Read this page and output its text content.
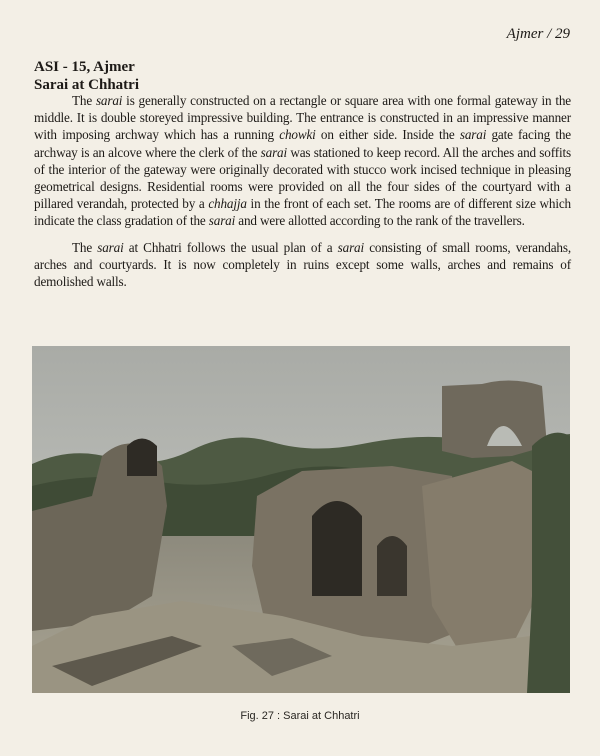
Ajmer / 29
ASI - 15, Ajmer
Sarai at Chhatri

The sarai is generally constructed on a rectangle or square area with one formal gateway in the middle. It is double storeyed impressive building. The entrance is constructed in an impressive manner with imposing archway which has a running chowki on either side. Inside the sarai gate facing the archway is an alcove where the clerk of the sarai was stationed to keep record. All the arches and soffits of the interior of the gateway were originally decorated with stucco work incised technique in pleasing geometrical designs. Residential rooms were provided on all the four sides of the courtyard with a pillared verandah, protected by a chhajja in the front of each set. The rooms are of different size which indicate the class gradation of the sarai and were allotted according to the rank of the travellers.

The sarai at Chhatri follows the usual plan of a sarai consisting of small rooms, verandahs, arches and courtyards. It is now completely in ruins except some walls, arches and remains of demolished walls.

Fig. 27 : Sarai at Chhatri
